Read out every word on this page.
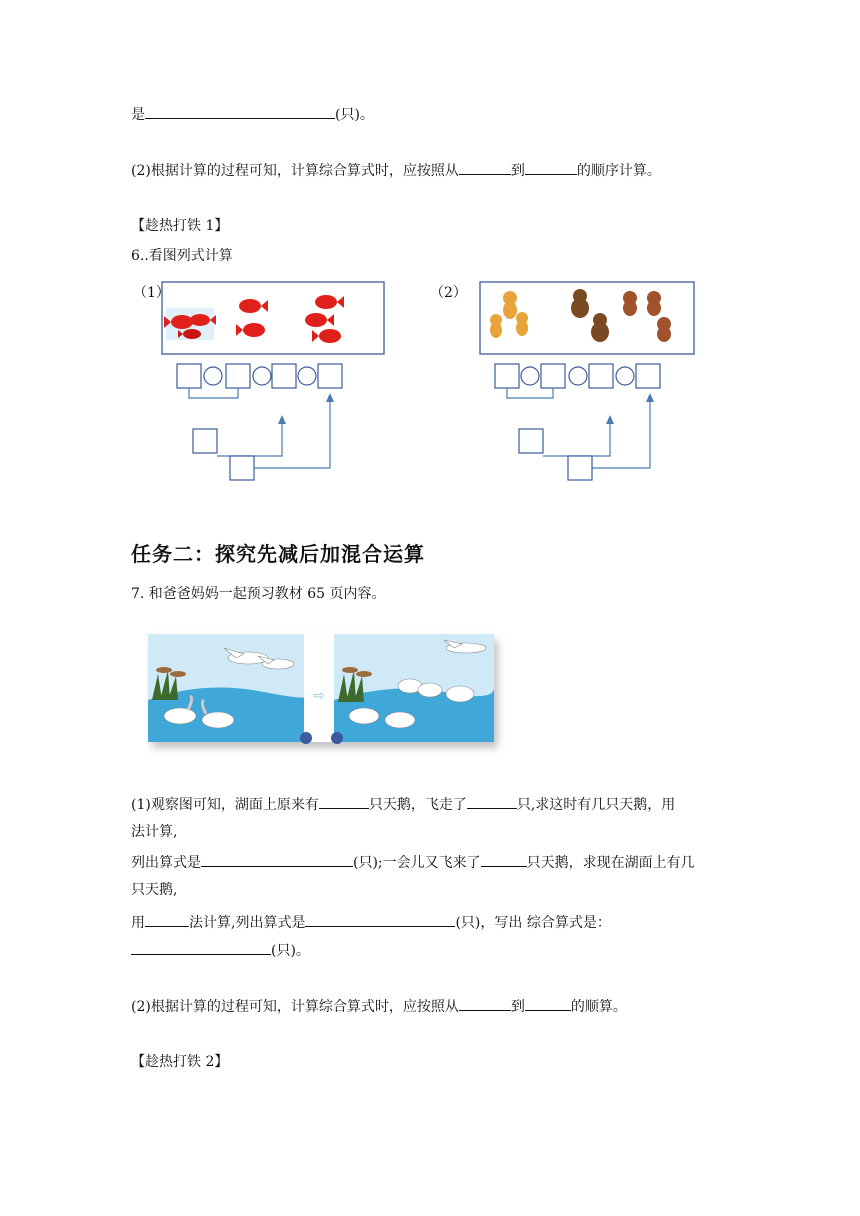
是	(只)。
(2)根据计算的过程可知，计算综合算式时，应按照从	到	的顺序计算。
【趁热打铁 1】
6..看图列式计算
（1）	（2）
任务二：探究先减后加混合运算
7. 和爸爸妈妈一起预习教材 65 页内容。
⇨
(1)观察图可知，湖面上原来有	只天鹅，飞走了	只,求这时有几只天鹅，用
法计算,
列出算式是	(只);一会儿又飞来了	只天鹅，求现在湖面上有几
只天鹅,
用	法计算,列出算式是	(只)，写出 综合算式是：
(只)。
(2)根据计算的过程可知，计算综合算式时，应按照从	到	的顺算。
【趁热打铁 2】
